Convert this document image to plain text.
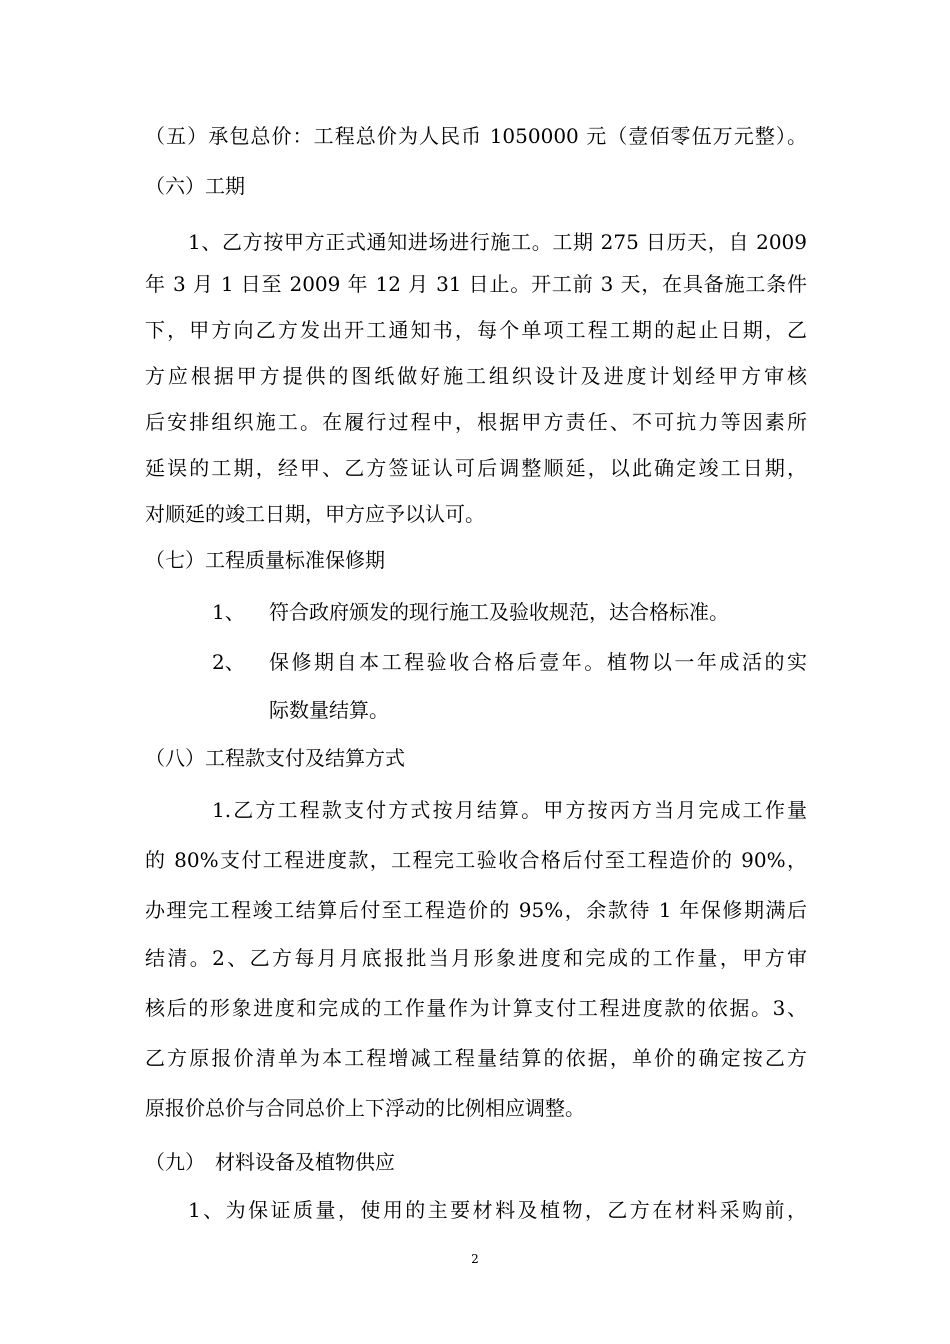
（五）承包总价：工程总价为人民币 1050000 元（壹佰零伍万元整）。
（六）工期
1、乙方按甲方正式通知进场进行施工。工期 275 日历天，自 2009
年 3 月 1 日至 2009 年 12 月 31 日止。开工前 3 天，在具备施工条件
下，甲方向乙方发出开工通知书，每个单项工程工期的起止日期，乙
方应根据甲方提供的图纸做好施工组织设计及进度计划经甲方审核
后安排组织施工。在履行过程中，根据甲方责任、不可抗力等因素所
延误的工期，经甲、乙方签证认可后调整顺延，以此确定竣工日期，
对顺延的竣工日期，甲方应予以认可。
（七）工程质量标准保修期
1、 符合政府颁发的现行施工及验收规范，达合格标准。
2、 保修期自本工程验收合格后壹年。植物以一年成活的实
际数量结算。
（八）工程款支付及结算方式
1.乙方工程款支付方式按月结算。甲方按丙方当月完成工作量
的 80%支付工程进度款，工程完工验收合格后付至工程造价的 90%，
办理完工程竣工结算后付至工程造价的 95%，余款待 1 年保修期满后
结清。2、乙方每月月底报批当月形象进度和完成的工作量，甲方审
核后的形象进度和完成的工作量作为计算支付工程进度款的依据。3、
乙方原报价清单为本工程增减工程量结算的依据，单价的确定按乙方
原报价总价与合同总价上下浮动的比例相应调整。
（九）　材料设备及植物供应
1、为保证质量，使用的主要材料及植物，乙方在材料采购前，
2
